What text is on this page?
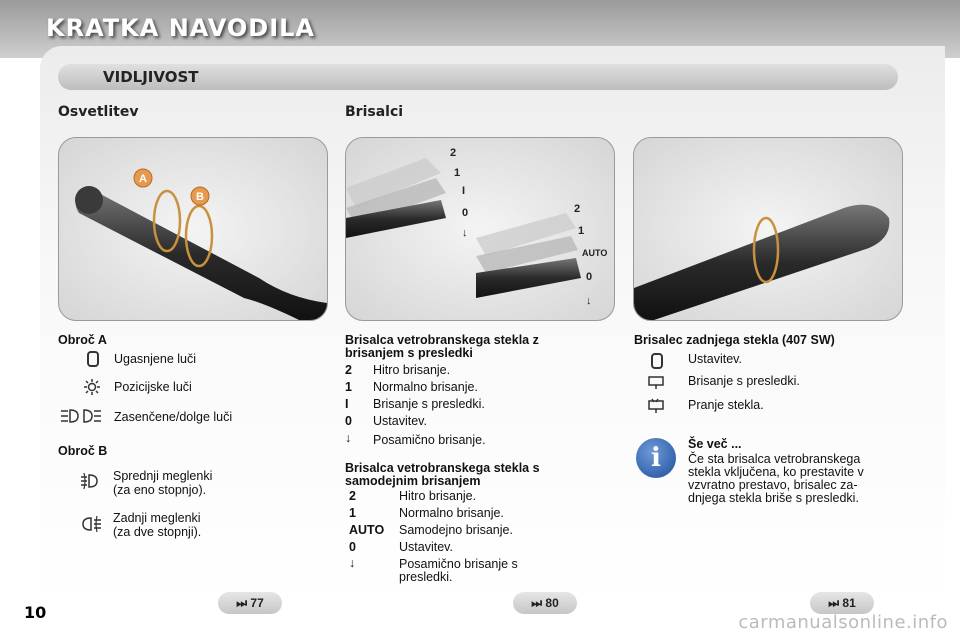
KRATKA NAVODILA
VIDLJIVOST
Osvetlitev	Brisalci
A
B
2
1
I
0
↓
2
1
AUTO
0
↓
Obroč A
Ugasnjene luči
Pozicijske luči
Zasenčene/dolge luči
Obroč B
Sprednji meglenki
(za eno stopnjo).
Zadnji meglenki
(za dve stopnji).
Brisalca vetrobranskega stekla z
brisanjem s presledki
2 Hitro brisanje.
1 Normalno brisanje.
I Brisanje s presledki.
0 Ustavitev.
↓ Posamično brisanje.
Brisalca vetrobranskega stekla s
samodejnim brisanjem
2	Hitro brisanje.
1	Normalno brisanje.
AUTO Samodejno brisanje.
0	Ustavitev.
↓	Posamično brisanje s
presledki.
Brisalec zadnjega stekla (407 SW)
Ustavitev.
Brisanje s presledki.
Pranje stekla.
i	Še več ...
Če sta brisalca vetrobranskega
stekla vključena, ko prestavite v
vzvratno prestavo, brisalec za-
dnjega stekla briše s presledki.
⏭ 77	⏭ 80	⏭ 81
10	carmanualsonline.info
